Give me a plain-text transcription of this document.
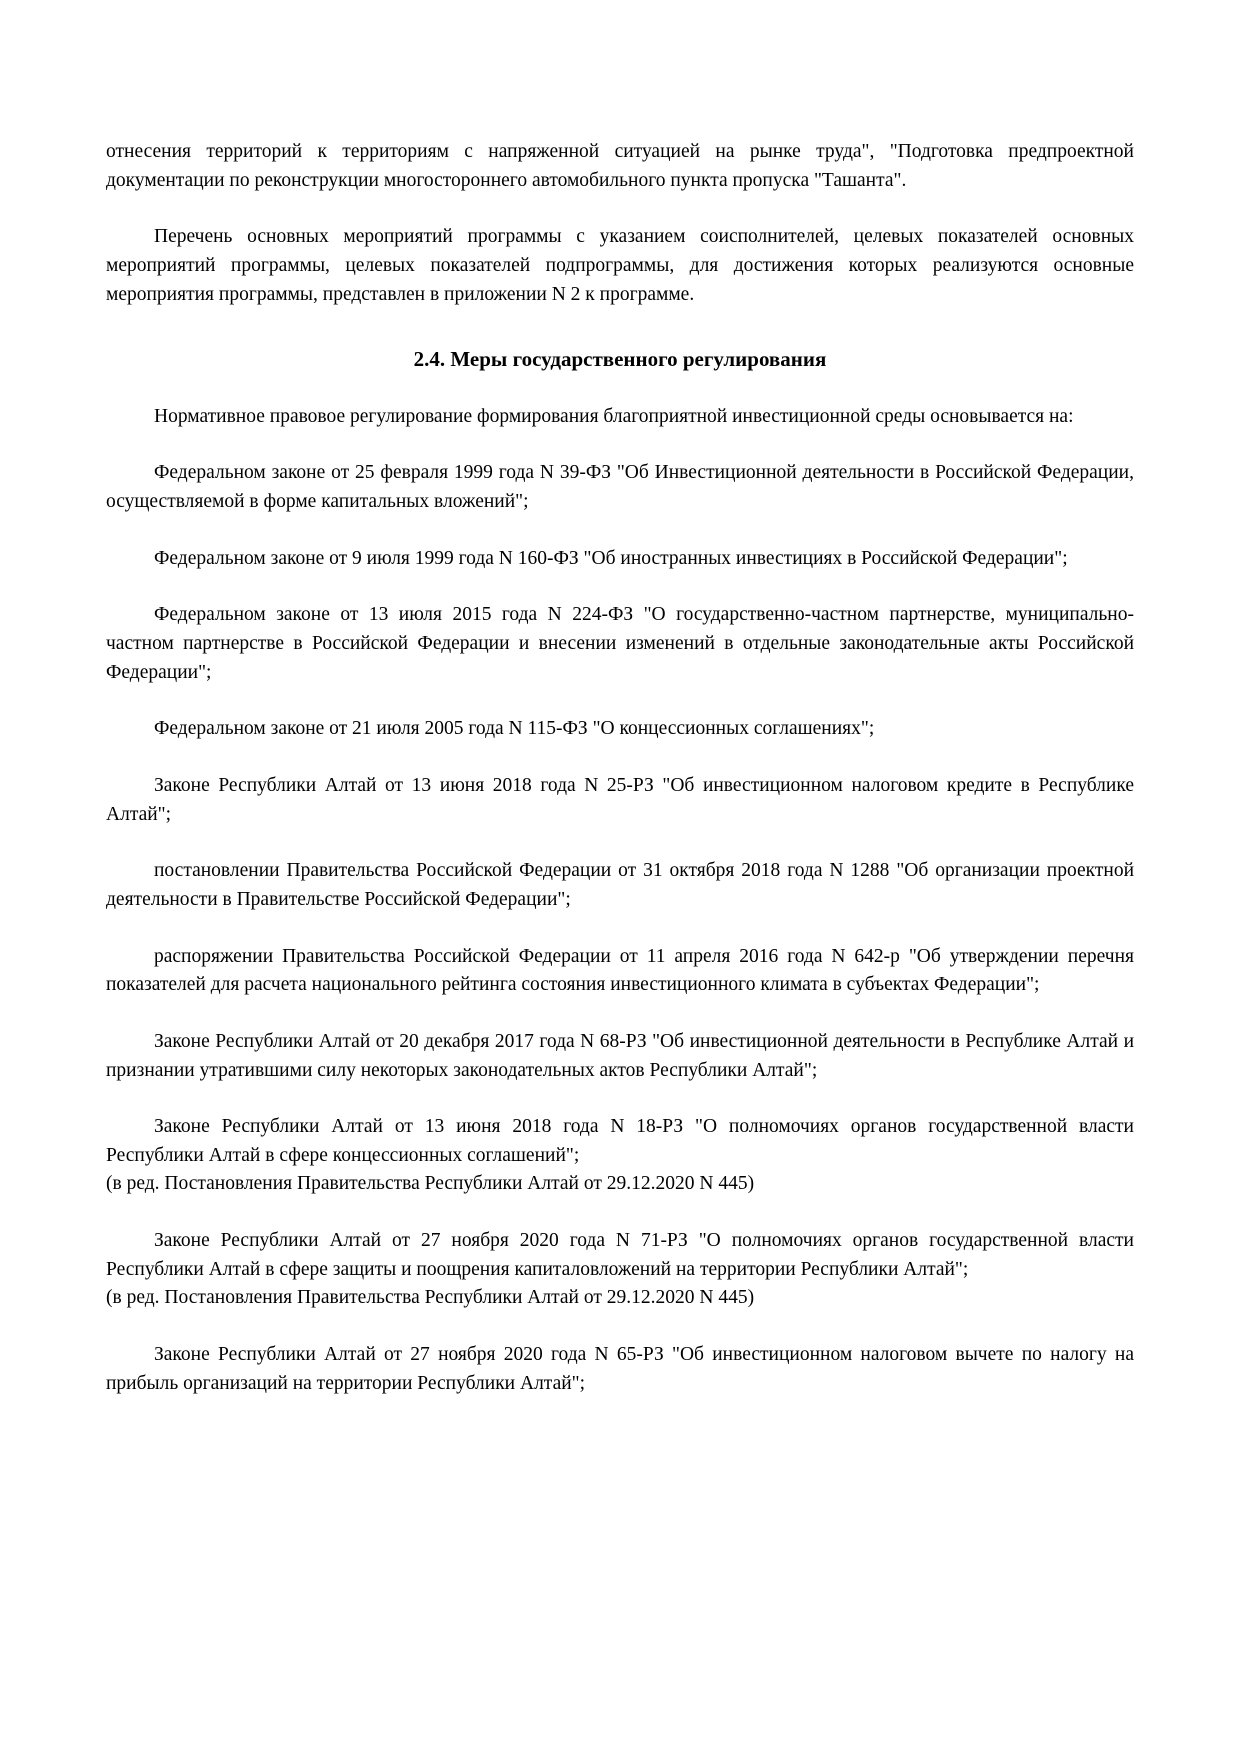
отнесения территорий к территориям с напряженной ситуацией на рынке труда", "Подготовка предпроектной документации по реконструкции многостороннего автомобильного пункта пропуска "Ташанта".

Перечень основных мероприятий программы с указанием соисполнителей, целевых показателей основных мероприятий программы, целевых показателей подпрограммы, для достижения которых реализуются основные мероприятия программы, представлен в приложении N 2 к программе.

2.4. Меры государственного регулирования

Нормативное правовое регулирование формирования благоприятной инвестиционной среды основывается на:

Федеральном законе от 25 февраля 1999 года N 39-ФЗ "Об Инвестиционной деятельности в Российской Федерации, осуществляемой в форме капитальных вложений";

Федеральном законе от 9 июля 1999 года N 160-ФЗ "Об иностранных инвестициях в Российской Федерации";

Федеральном законе от 13 июля 2015 года N 224-ФЗ "О государственно-частном партнерстве, муниципально-частном партнерстве в Российской Федерации и внесении изменений в отдельные законодательные акты Российской Федерации";

Федеральном законе от 21 июля 2005 года N 115-ФЗ "О концессионных соглашениях";

Законе Республики Алтай от 13 июня 2018 года N 25-РЗ "Об инвестиционном налоговом кредите в Республике Алтай";

постановлении Правительства Российской Федерации от 31 октября 2018 года N 1288 "Об организации проектной деятельности в Правительстве Российской Федерации";

распоряжении Правительства Российской Федерации от 11 апреля 2016 года N 642-р "Об утверждении перечня показателей для расчета национального рейтинга состояния инвестиционного климата в субъектах Федерации";

Законе Республики Алтай от 20 декабря 2017 года N 68-РЗ "Об инвестиционной деятельности в Республике Алтай и признании утратившими силу некоторых законодательных актов Республики Алтай";

Законе Республики Алтай от 13 июня 2018 года N 18-РЗ "О полномочиях органов государственной власти Республики Алтай в сфере концессионных соглашений";

(в ред. Постановления Правительства Республики Алтай от 29.12.2020 N 445)

Законе Республики Алтай от 27 ноября 2020 года N 71-РЗ "О полномочиях органов государственной власти Республики Алтай в сфере защиты и поощрения капиталовложений на территории Республики Алтай";

(в ред. Постановления Правительства Республики Алтай от 29.12.2020 N 445)

Законе Республики Алтай от 27 ноября 2020 года N 65-РЗ "Об инвестиционном налоговом вычете по налогу на прибыль организаций на территории Республики Алтай";
